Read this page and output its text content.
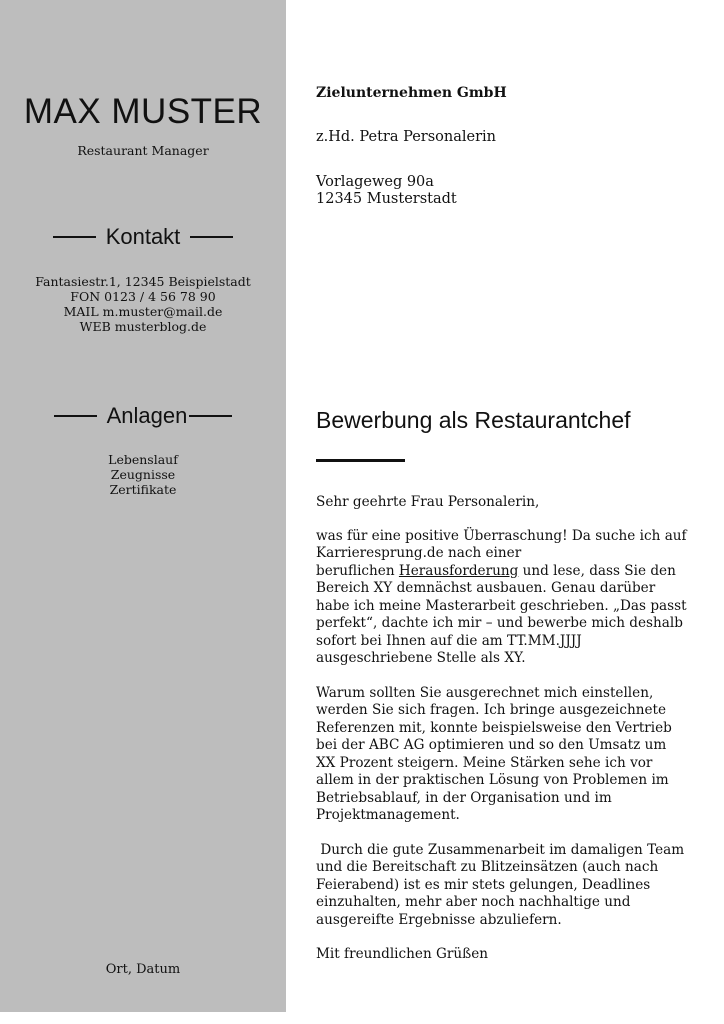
MAX MUSTER
Restaurant Manager
Kontakt
Fantasiestr.1, 12345 Beispielstadt
FON 0123 / 4 56 78 90
MAIL m.muster@mail.de
WEB musterblog.de
Anlagen
Lebenslauf
Zeugnisse
Zertifikate
Ort, Datum
Zielunternehmen GmbH
z.Hd. Petra Personalerin
Vorlageweg 90a
12345 Musterstadt
Bewerbung als Restaurantchef

Sehr geehrte Frau Personalerin,

was für eine positive Überraschung! Da suche ich auf
Karrieresprung.de nach einer
beruflichen Herausforderung und lese, dass Sie den
Bereich XY demnächst ausbauen. Genau darüber
habe ich meine Masterarbeit geschrieben. „Das passt
perfekt“, dachte ich mir – und bewerbe mich deshalb
sofort bei Ihnen auf die am TT.MM.JJJJ
ausgeschriebene Stelle als XY.

Warum sollten Sie ausgerechnet mich einstellen,
werden Sie sich fragen. Ich bringe ausgezeichnete
Referenzen mit, konnte beispielsweise den Vertrieb
bei der ABC AG optimieren und so den Umsatz um
XX Prozent steigern. Meine Stärken sehe ich vor
allem in der praktischen Lösung von Problemen im
Betriebsablauf, in der Organisation und im
Projektmanagement.

Durch die gute Zusammenarbeit im damaligen Team
und die Bereitschaft zu Blitzeinsätzen (auch nach
Feierabend) ist es mir stets gelungen, Deadlines
einzuhalten, mehr aber noch nachhaltige und
ausgereifte Ergebnisse abzuliefern.

Mit freundlichen Grüßen
